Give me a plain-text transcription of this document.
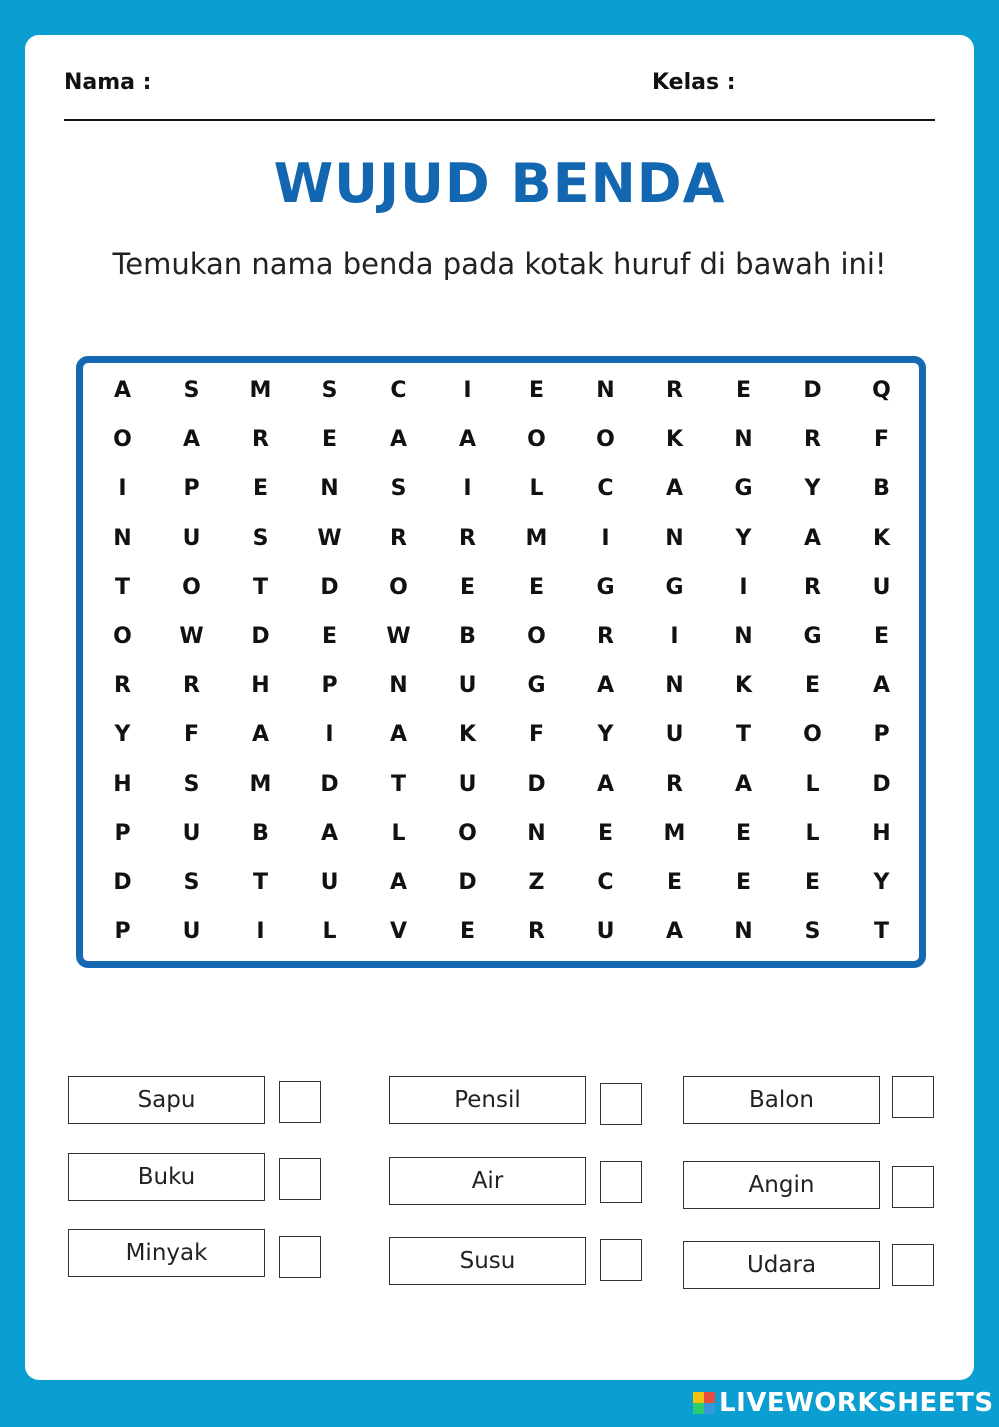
Nama :	Kelas :
WUJUD BENDA
Temukan nama benda pada kotak huruf di bawah ini!
A	S	M	S	C	I	E	N	R	E	D	Q
O	A	R	E	A	A	O	O	K	N	R	F
I	P	E	N	S	I	L	C	A	G	Y	B
N	U	S	W	R	R	M	I	N	Y	A	K
T	O	T	D	O	E	E	G	G	I	R	U
O	W	D	E	W	B	O	R	I	N	G	E
R	R	H	P	N	U	G	A	N	K	E	A
Y	F	A	I	A	K	F	Y	U	T	O	P
H	S	M	D	T	U	D	A	R	A	L	D
P	U	B	A	L	O	N	E	M	E	L	H
D	S	T	U	A	D	Z	C	E	E	E	Y
P	U	I	L	V	E	R	U	A	N	S	T
Sapu
Buku
Minyak
Pensil
Air
Susu
Balon
Angin
Udara
LIVEWORKSHEETS
